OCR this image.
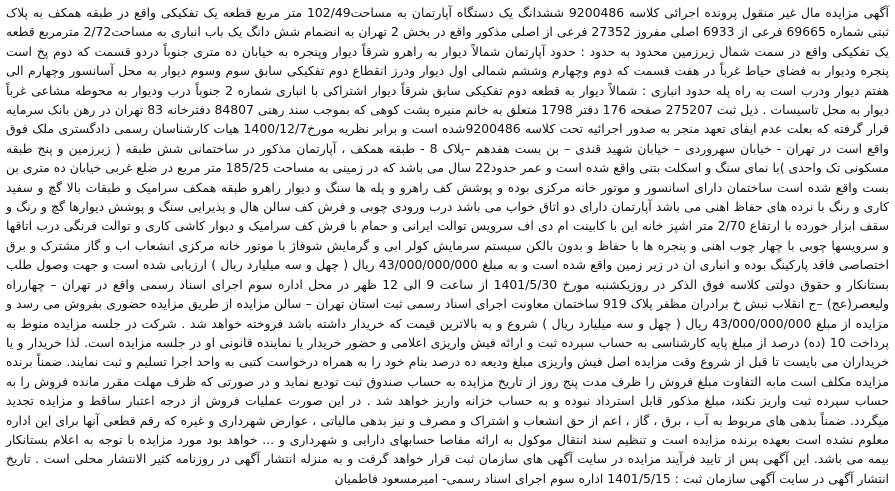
آگهی مزایده مال غیر منقول پرونده اجرائی کلاسه 9200486 ششدانگ یک دستگاه آپارتمان به مساحت102/49 متر مربع قطعه یک تفکیکی واقع در طبقه همکف به پلاک ثبتی شماره 69665 فرعی از 6933 اصلی مفروز 27352 فرعی از اصلی مذکور واقع در بخش 2 تهران به انضمام شش دانگ یک باب انباری به مساحت2/72 مترمربع قطعه یک تفکیکی واقع در سمت شمال زیرزمین محدود به حدود : حدود آپارتمان شمالاً دیوار به راهرو شرقاً دیوار وپنجره به خیابان ده متری جنوباً دردو قسمت که دوم پخ است پنجره ودیوار به فضای حیاط غرباً در هفت قسمت که دوم وچهارم وششم شمالی اول دیوار ودرز انقطاع دوم تفکیکی سابق سوم وسوم دیوار به محل آسانسور وچهارم الی هفتم دیوار ودرب است به راه پله حدود انباری : شمالاً دیوار به قطعه دوم تفکیکی سابق شرقاً دیوار اشتراکی با انباری شماره 2 جنوباً درب ودیوار به محوطه مشاعی غرباً دیوار به محل تاسیسات . ذیل ثبت 275207 صفحه 176 دفتر 1798 متعلق به خانم منیره پشت کوهی که بموجب سند رهنی 84807 دفترخانه 83 تهران در رهن بانک سرمایه قرار گرفته که بعلت عدم ایفای تعهد منجر به صدور اجرائیه تحت کلاسه 9200486شده است و برابر نظریه مورخ1400/12/7 هیات کارشناسان رسمی دادگستری ملک فوق واقع است در تهران - خیابان سهروردی – خیابان شهید قندی – بن بست هفدهم –پلاک 8 - طبقه همکف ، آپارتمان مذکور در ساختمانی شش طبقه ( زیرزمین و پنج طبقه مسکونی تک واحدی )با نمای سنگ و اسکلت بتنی واقع شده است و عمر حدود22 سال می باشد که در زمینی به مساحت 185/25 متر مربع در ضلع غربی خیابان ده متری بن بست واقع شده است ساختمان دارای اسانسور و موتور خانه مرکزی بوده و پوشش کف راهرو و پله ها سنگ و دیوار راهرو طبقه همکف سرامیک و طبقات بالا گچ و سفید کاری و رنگ با نرده های حفاظ اهنی می باشد آپارتمان دارای دو اتاق خواب می باشد درب ورودی چوبی و فرش کف سالن هال و پذیرایی سنگ و پوشش دیوارها گچ و رنگ و سقف ابزار خورده با ارتفاع 2/70 متر اشپز خانه این با کابینت ام دی اف سرویس توالت ایرانی و حمام با فرش کف سرامیک و دیوار کاشی کاری و توالت فرنگی درب اتاقها و سرویسها چوبی با چهار چوب اهنی و پنجره ها با حفاظ و بدون بالکن سیستم سرمایش کولر ابی و گرمایش شوفاژ با موتور خانه مرکزی انشعاب اب و گاز مشترک و برق اختصاصی فاقد پارکینگ بوده و انباری ان در زیر زمین واقع شده است و به مبلغ 43/000/000/000 ریال ( چهل و سه میلیارد ریال ) ارزیابی شده است و جهت وصول طلب بستانکار و حقوق دولتی کلاسه فوق الذکر در روزیکشنبه مورخ 1401/5/30 از ساعت 9 الی 12 ظهر در محل اداره سوم اجرای اسناد رسمی واقع در تهران – چهارراه ولیعصر(عج) –ج انقلاب نبش خ برادران مظفر پلاک 919 ساختمان معاونت اجرای اسناد رسمی ثبت استان تهران – سالن مزایده از طریق مزایده حضوری بفروش می رسد و مزایده از مبلغ 43/000/000/000 ریال ( چهل و سه میلیارد ریال ) شروع و به بالاترین قیمت که خریدار داشته باشد فروخته خواهد شد . شرکت در جلسه مزایده منوط به پرداخت 10 (ده) درصد از مبلغ پایه کارشناسی به حساب سپرده ثبت و ارائه فیش واریزی اعلامی و حضور خریدار یا نماینده قانونی او در جلسه مزایده است. لذا خریدار و یا خریداران می بایست تا قبل از شروع وقت مزایده اصل فیش واریزی مبلغ ودیعه ده درصد بنام خود را به همراه درخواست کتبی به واحد اجرا تسلیم و ثبت نمایند. ضمناً برنده مزایده مکلف است مابه التفاوت مبلغ فروش را ظرف مدت پنج روز از تاریخ مزایده به حساب صندوق ثبت تودیع نماید و در صورتی که ظرف مهلت مقرر مانده فروش را به حساب سپرده ثبت واریز نکند، مبلغ مذکور قابل استرداد نبوده و به حساب خزانه واریز خواهد شد . در این صورت عملیات فروش از درجه اعتبار ساقط و مزایده تجدید میگردد. ضمناً بدهی های مربوط به آب ، برق ، گاز ، اعم از حق انشعاب و اشتراک و مصرف و نیز بدهی مالیاتی ، عوارض شهرداری و غیره که رقم قطعی آنها برای این اداره معلوم نشده است بعهده برنده مزایده است و تنظیم سند انتقال موکول به ارائه مفاصا حسابهای دارایی و شهرداری و ... خواهد بود مورد مزایده با توجه به اعلام بستانکار بیمه می باشد. این آگهی پس از تایید فرآیند مزایده در سایت آگهی های سازمان ثبت قرار خواهد گرفت و به منزله انتشار آگهی در روزنامه کثیر الانتشار محلی است . تاریخ انتشار آگهی در سایت آگهی سازمان ثبت : 1401/5/15 اداره سوم اجرای اسناد رسمی- امیرمسعود فاطمیان
